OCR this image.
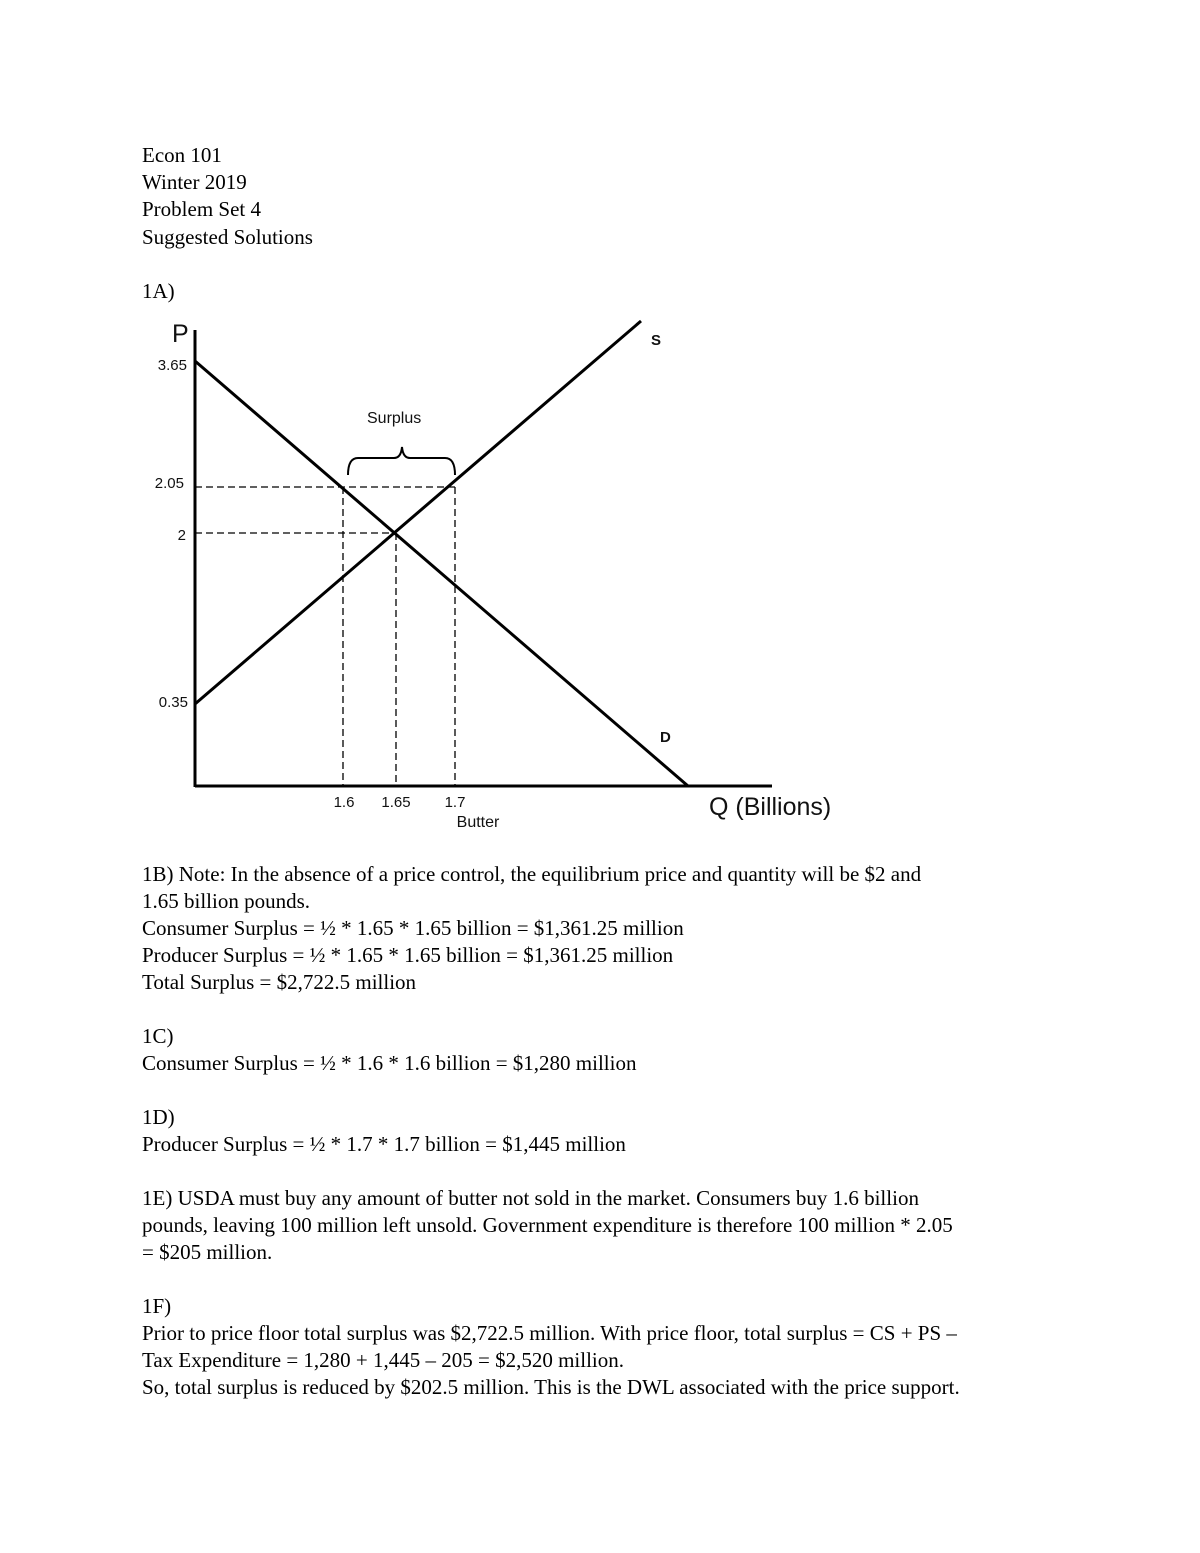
Econ 101
Winter 2019
Problem Set 4
Suggested Solutions
1A)
P	S
D
Surplus
3.65
2.05
2
0.35
1.6 1.65 1.7
Butter
Q (Billions)
1B) Note: In the absence of a price control, the equilibrium price and quantity will be $2 and
1.65 billion pounds.
Consumer Surplus = ½ * 1.65 * 1.65 billion = $1,361.25 million
Producer Surplus = ½ * 1.65 * 1.65 billion = $1,361.25 million
Total Surplus = $2,722.5 million
1C)
Consumer Surplus = ½ * 1.6 * 1.6 billion = $1,280 million
1D)
Producer Surplus = ½ * 1.7 * 1.7 billion = $1,445 million
1E) USDA must buy any amount of butter not sold in the market. Consumers buy 1.6 billion
pounds, leaving 100 million left unsold. Government expenditure is therefore 100 million * 2.05
= $205 million.
1F)
Prior to price floor total surplus was $2,722.5 million. With price floor, total surplus = CS + PS –
Tax Expenditure = 1,280 + 1,445 – 205 = $2,520 million.
So, total surplus is reduced by $202.5 million. This is the DWL associated with the price support.
